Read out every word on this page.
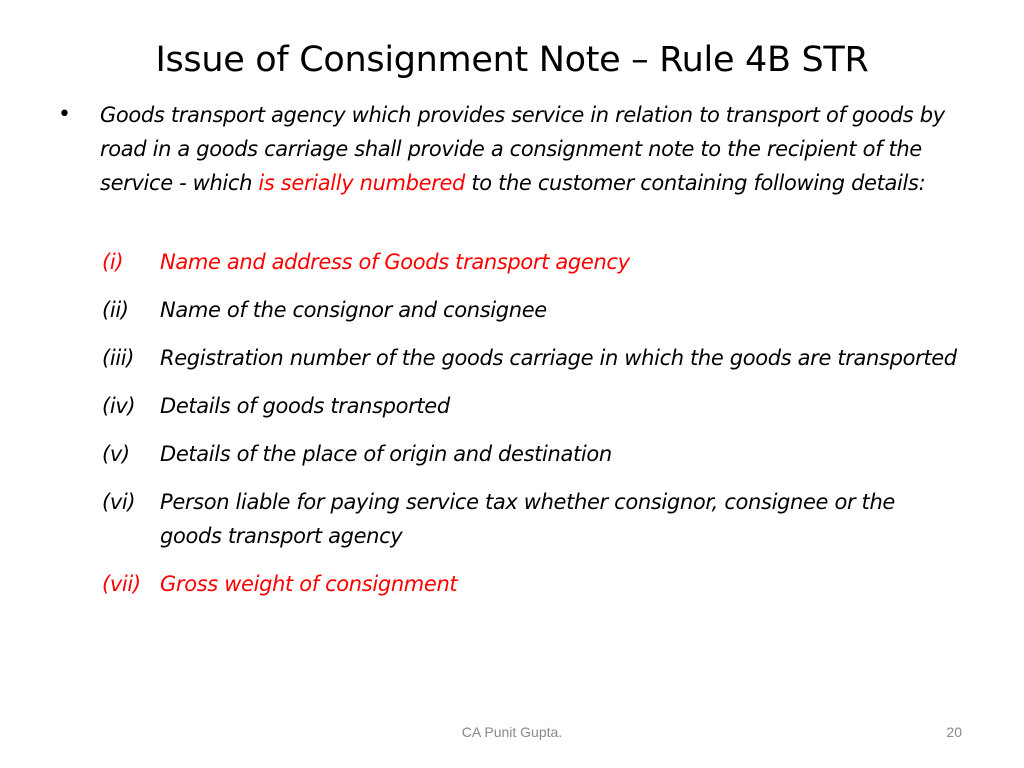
Issue of Consignment Note – Rule 4B STR
• Goods transport agency which provides service in relation to transport of goods by road in a goods carriage shall provide a consignment note to the recipient of the service - which is serially numbered to the customer containing following details:
(i)	Name and address of Goods transport agency
(ii)	Name of the consignor and consignee
(iii)	Registration number of the goods carriage in which the goods are transported
(iv)	Details of goods transported
(v)	Details of the place of origin and destination
(vi)	Person liable for paying service tax whether consignor, consignee or the goods transport agency
(vii) Gross weight of consignment
CA Punit Gupta.	20
